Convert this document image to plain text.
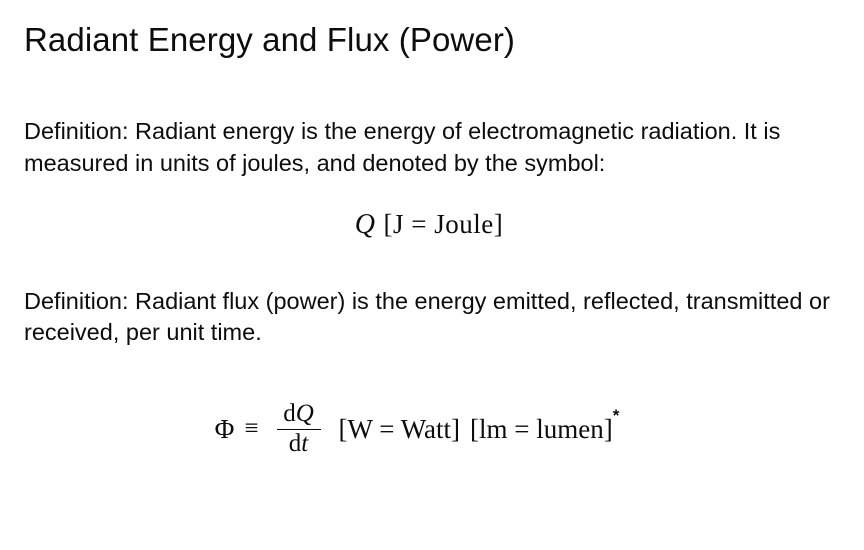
Radiant Energy and Flux (Power)

Definition: Radiant energy is the energy of electromagnetic radiation. It is measured in units of joules, and denoted by the symbol:

Q [J = Joule]

Definition: Radiant flux (power) is the energy emitted, reflected, transmitted or received, per unit time.

$\Phi \equiv \frac{dQ}{dt} [W$ = Watt] [lm = lumen]*
